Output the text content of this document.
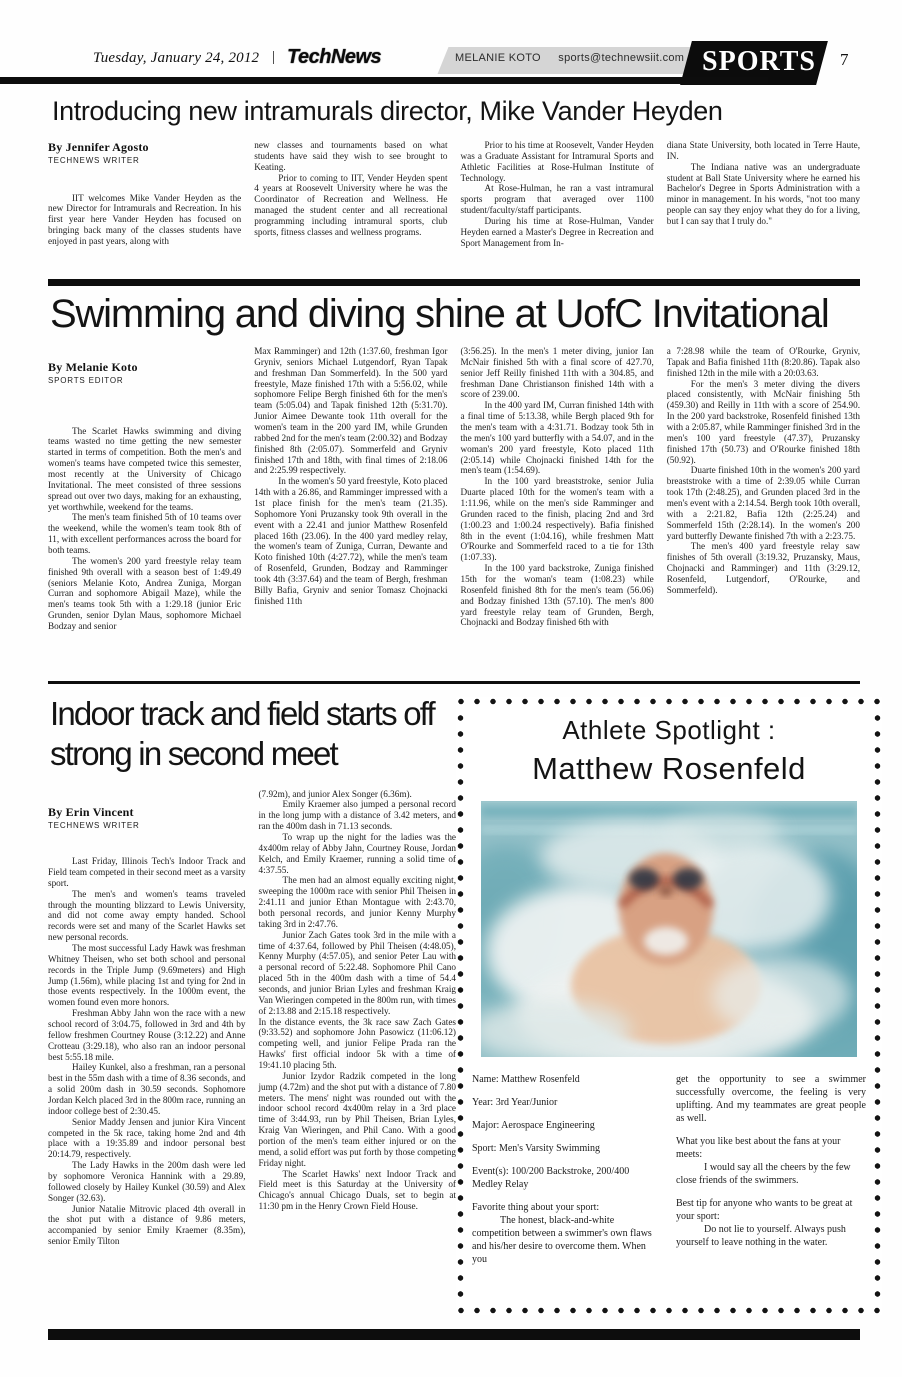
Tuesday, January 24, 2012 | TechNews	MELANIE KOTO sports@technewsiit.com SPORTS	7
Introducing new intramurals director, Mike Vander Heyden
By Jennifer Agosto
TECHNEWS WRITER

IIT welcomes Mike Vander Heyden as the new Director for Intramurals and Recreation. In his first year here Vander Heyden has focused on bringing back many of the classes students have enjoyed in past years, along with

new classes and tournaments based on what students have said they wish to see brought to Keating.

Prior to coming to IIT, Vender Heyden spent 4 years at Roosevelt University where he was the Coordinator of Recreation and Wellness. He managed the student center and all recreational programming including intramural sports, club sports, fitness classes and wellness programs.

Prior to his time at Roosevelt, Vander Heyden was a Graduate Assistant for Intramural Sports and Athletic Facilities at Rose-Hulman Institute of Technology.

At Rose-Hulman, he ran a vast intramural sports program that averaged over 1100 student/faculty/staff participants.

During his time at Rose-Hulman, Vander Heyden earned a Master's Degree in Recreation and Sport Management from In-

diana State University, both located in Terre Haute, IN.

The Indiana native was an undergraduate student at Ball State University where he earned his Bachelor's Degree in Sports Administration with a minor in management. In his words, "not too many people can say they enjoy what they do for a living, but I can say that I truly do."

Swimming and diving shine at UofC Invitational
By Melanie Koto
SPORTS EDITOR

The Scarlet Hawks swimming and diving teams wasted no time getting the new semester started in terms of competition. Both the men's and women's teams have competed twice this semester, most recently at the University of Chicago Invitational. The meet consisted of three sessions spread out over two days, making for an exhausting, yet worthwhile, weekend for the teams.

The men's team finished 5th of 10 teams over the weekend, while the women's team took 8th of 11, with excellent performances across the board for both teams.

The women's 200 yard freestyle relay team finished 9th overall with a season best of 1:49.49 (seniors Melanie Koto, Andrea Zuniga, Morgan Curran and sophomore Abigail Maze), while the men's teams took 5th with a 1:29.18 (junior Eric Grunden, senior Dylan Maus, sophomore Michael Bodzay and senior

Max Ramminger) and 12th (1:37.60, freshman Igor Gryniv, seniors Michael Lutgendorf, Ryan Tapak and freshman Dan Sommerfeld). In the 500 yard freestyle, Maze finished 17th with a 5:56.02, while sophomore Felipe Bergh finished 6th for the men's team (5:05.04) and Tapak finished 12th (5:31.70). Junior Aimee Dewante took 11th overall for the women's team in the 200 yard IM, while Grunden rabbed 2nd for the men's team (2:00.32) and Bodzay finished 8th (2:05.07). Sommerfeld and Gryniv finished 17th and 18th, with final times of 2:18.06 and 2:25.99 respectively.

In the women's 50 yard freestyle, Koto placed 14th with a 26.86, and Ramminger impressed with a 1st place finish for the men's team (21.35). Sophomore Yoni Pruzansky took 9th overall in the event with a 22.41 and junior Matthew Rosenfeld placed 16th (23.06). In the 400 yard medley relay, the women's team of Zuniga, Curran, Dewante and Koto finished 10th (4:27.72), while the men's team of Rosenfeld, Grunden, Bodzay and Ramminger took 4th (3:37.64) and the team of Bergh, freshman Billy Bafia, Gryniv and senior Tomasz Chojnacki finished 11th

(3:56.25). In the men's 1 meter diving, junior Ian McNair finished 5th with a final score of 427.70, senior Jeff Reilly finished 11th with a 304.85, and freshman Dane Christianson finished 14th with a score of 239.00.

In the 400 yard IM, Curran finished 14th with a final time of 5:13.38, while Bergh placed 9th for the men's team with a 4:31.71. Bodzay took 5th in the men's 100 yard butterfly with a 54.07, and in the woman's 200 yard freestyle, Koto placed 11th (2:05.14) while Chojnacki finished 14th for the men's team (1:54.69).

In the 100 yard breaststroke, senior Julia Duarte placed 10th for the women's team with a 1:11.96, while on the men's side Ramminger and Grunden raced to the finish, placing 2nd and 3rd (1:00.23 and 1:00.24 respectively). Bafia finished 8th in the event (1:04.16), while freshmen Matt O'Rourke and Sommerfeld raced to a tie for 13th (1:07.33).

In the 100 yard backstroke, Zuniga finished 15th for the woman's team (1:08.23) while Rosenfeld finished 8th for the men's team (56.06) and Bodzay finished 13th (57.10). The men's 800 yard freestyle relay team of Grunden, Bergh, Chojnacki and Bodzay finished 6th with

a 7:28.98 while the team of O'Rourke, Gryniv, Tapak and Bafia finished 11th (8:20.86). Tapak also finished 12th in the mile with a 20:03.63.

For the men's 3 meter diving the divers placed consistently, with McNair finishing 5th (459.30) and Reilly in 11th with a score of 254.90. In the 200 yard backstroke, Rosenfeld finished 13th with a 2:05.87, while Ramminger finished 3rd in the men's 100 yard freestyle (47.37), Pruzansky finished 17th (50.73) and O'Rourke finished 18th (50.92).

Duarte finished 10th in the women's 200 yard breaststroke with a time of 2:39.05 while Curran took 17th (2:48.25), and Grunden placed 3rd in the men's event with a 2:14.54. Bergh took 10th overall, with a 2:21.82, Bafia 12th (2:25.24) and Sommerfeld 15th (2:28.14). In the women's 200 yard butterfly Dewante finished 7th with a 2:23.75.

The men's 400 yard freestyle relay saw finishes of 5th overall (3:19.32, Pruzansky, Maus, Chojnacki and Ramminger) and 11th (3:29.12, Rosenfeld, Lutgendorf, O'Rourke, and Sommerfeld).

Indoor track and field starts off strong in second meet
By Erin Vincent
TECHNEWS WRITER

Last Friday, Illinois Tech's Indoor Track and Field team competed in their second meet as a varsity sport.

The men's and women's teams traveled through the mounting blizzard to Lewis University, and did not come away empty handed. School records were set and many of the Scarlet Hawks set new personal records.

The most successful Lady Hawk was freshman Whitney Theisen, who set both school and personal records in the Triple Jump (9.69meters) and High Jump (1.56m), while placing 1st and tying for 2nd in those events respectively. In the 1000m event, the women found even more honors.

Freshman Abby Jahn won the race with a new school record of 3:04.75, followed in 3rd and 4th by fellow freshmen Courtney Rouse (3:12.22) and Anne Crotteau (3:29.18), who also ran an indoor personal best 5:55.18 mile.

Hailey Kunkel, also a freshman, ran a personal best in the 55m dash with a time of 8.36 seconds, and a solid 200m dash in 30.59 seconds. Sophomore Jordan Kelch placed 3rd in the 800m race, running an indoor college best of 2:30.45.

Senior Maddy Jensen and junior Kira Vincent competed in the 5k race, taking home 2nd and 4th place with a 19:35.89 and indoor personal best 20:14.79, respectively.

The Lady Hawks in the 200m dash were led by sophomore Veronica Hannink with a 29.89, followed closely by Hailey Kunkel (30.59) and Alex Songer (32.63).

Junior Natalie Mitrovic placed 4th overall in the shot put with a distance of 9.86 meters, accompanied by senior Emily Kraemer (8.35m), senior Emily Tilton

(7.92m), and junior Alex Songer (6.36m).

Emily Kraemer also jumped a personal record in the long jump with a distance of 3.42 meters, and ran the 400m dash in 71.13 seconds.

To wrap up the night for the ladies was the 4x400m relay of Abby Jahn, Courtney Rouse, Jordan Kelch, and Emily Kraemer, running a solid time of 4:37.55.

The men had an almost equally exciting night, sweeping the 1000m race with senior Phil Theisen in 2:41.11 and junior Ethan Montague with 2:43.70, both personal records, and junior Kenny Murphy taking 3rd in 2:47.76.

Junior Zach Gates took 3rd in the mile with a time of 4:37.64, followed by Phil Theisen (4:48.05), Kenny Murphy (4:57.05), and senior Peter Lau with a personal record of 5:22.48. Sophomore Phil Cano placed 5th in the 400m dash with a time of 54.4 seconds, and junior Brian Lyles and freshman Kraig Van Wieringen competed in the 800m run, with times of 2:13.88 and 2:15.18 respectively.

In the distance events, the 3k race saw Zach Gates (9:33.52) and sophomore John Pasowicz (11:06.12) competing well, and junior Felipe Prada ran the Hawks' first official indoor 5k with a time of 19:41.10 placing 5th.

Junior Izydor Radzik competed in the long jump (4.72m) and the shot put with a distance of 7.80 meters. The mens' night was rounded out with the indoor school record 4x400m relay in a 3rd place time of 3:44.93, run by Phil Theisen, Brian Lyles, Kraig Van Wieringen, and Phil Cano. With a good portion of the men's team either injured or on the mend, a solid effort was put forth by those competing Friday night.

The Scarlet Hawks' next Indoor Track and Field meet is this Saturday at the University of Chicago's annual Chicago Duals, set to begin at 11:30 pm in the Henry Crown Field House.

Athlete Spotlight :
Matthew Rosenfeld

Name: Matthew Rosenfeld

Year: 3rd Year/Junior

Major: Aerospace Engineering

Sport: Men's Varsity Swimming

Event(s): 100/200 Backstroke, 200/400 Medley Relay

Favorite thing about your sport:

The honest, black-and-white competition between a swimmer's own flaws and his/her desire to overcome them. When you

get the opportunity to see a swimmer successfully overcome, the feeling is very uplifting. And my teammates are great people as well.

What you like best about the fans at your meets:

I would say all the cheers by the few close friends of the swimmers.

Best tip for anyone who wants to be great at your sport:

Do not lie to yourself. Always push yourself to leave nothing in the water.
